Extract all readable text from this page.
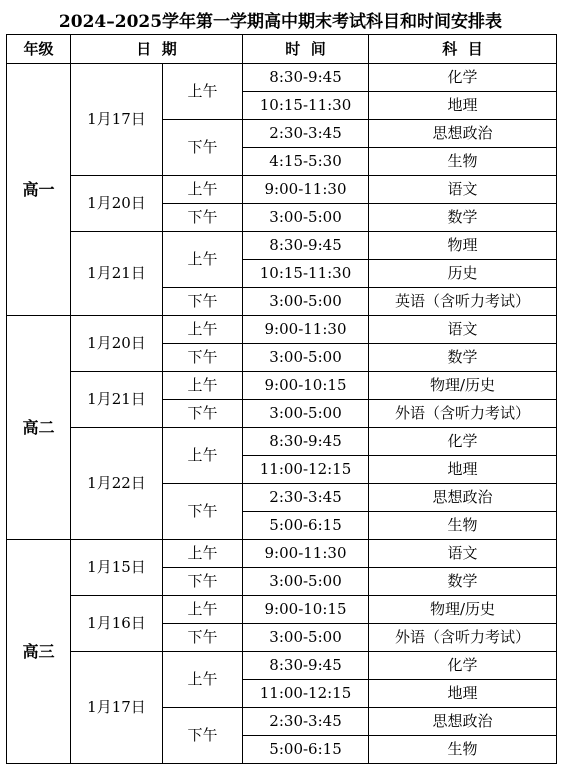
2024–2025学年第一学期高中期末考试科目和时间安排表
年级	日  期		时  间	科  目
高一	1月17日	上午	8:30-9:45	化学
			10:15-11:30	地理
		下午	2:30-3:45	思想政治
			4:15-5:30	生物
	1月20日	上午	9:00-11:30	语文
		下午	3:00-5:00	数学
	1月21日	上午	8:30-9:45	物理
			10:15-11:30	历史
		下午	3:00-5:00	英语（含听力考试）
高二	1月20日	上午	9:00-11:30	语文
		下午	3:00-5:00	数学
	1月21日	上午	9:00-10:15	物理/历史
		下午	3:00-5:00	外语（含听力考试）
	1月22日	上午	8:30-9:45	化学
			11:00-12:15	地理
		下午	2:30-3:45	思想政治
			5:00-6:15	生物
高三	1月15日	上午	9:00-11:30	语文
		下午	3:00-5:00	数学
	1月16日	上午	9:00-10:15	物理/历史
		下午	3:00-5:00	外语（含听力考试）
	1月17日	上午	8:30-9:45	化学
			11:00-12:15	地理
		下午	2:30-3:45	思想政治
			5:00-6:15	生物
